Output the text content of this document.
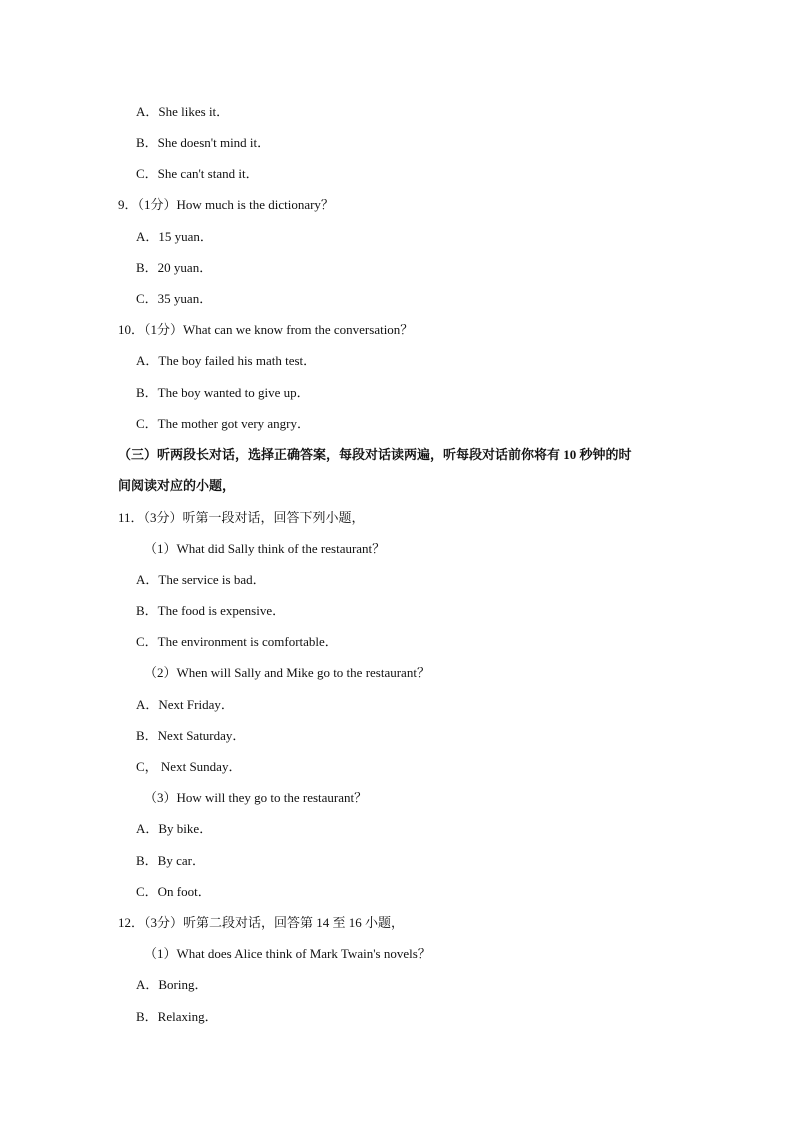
A．She likes it．
B．She doesn't mind it．
C．She can't stand it．
9．（1分）How much is the dictionary？
A．15 yuan．
B．20 yuan．
C．35 yuan．
10．（1分）What can we know from the conversation？
A．The boy failed his math test．
B．The boy wanted to give up．
C．The mother got very angry．
（三）听两段长对话，选择正确答案，每段对话读两遍，听每段对话前你将有 10 秒钟的时
间阅读对应的小题，
11．（3分）听第一段对话，回答下列小题，
（1）What did Sally think of the restaurant？
A．The service is bad．
B．The food is expensive．
C．The environment is comfortable．
（2）When will Sally and Mike go to the restaurant？
A．Next Friday．
B．Next Saturday．
C， Next Sunday．
（3）How will they go to the restaurant？
A．By bike．
B．By car．
C．On foot．
12．（3分）听第二段对话，回答第 14 至 16 小题，
（1）What does Alice think of Mark Twain's novels？
A．Boring．
B．Relaxing．
